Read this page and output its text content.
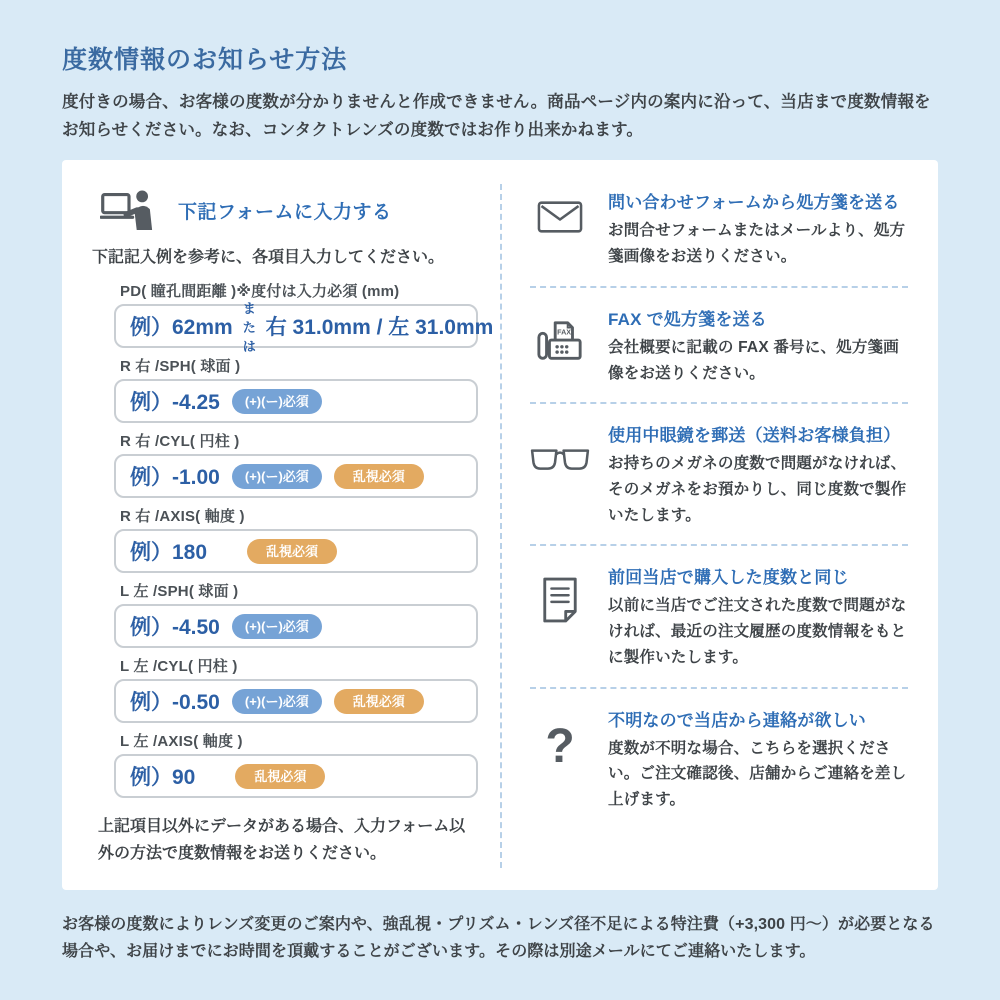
度数情報のお知らせ方法

度付きの場合、お客様の度数が分かりませんと作成できません。商品ページ内の案内に沿って、当店まで度数情報をお知らせください。なお、コンタクトレンズの度数ではお作り出来かねます。

下記フォームに入力する

下記記入例を参考に、各項目入力してください。

PD( 瞳孔間距離 )※度付は入力必須 (mm)
例）62mm
または
右 31.0mm / 左 31.0mm
R 右 /SPH( 球面 )
例）-4.25	(+)(ー)必須
R 右 /CYL( 円柱 )
例）-1.00	(+)(ー)必須	乱視必須
R 右 /AXIS( 軸度 )
例）180	乱視必須
L 左 /SPH( 球面 )
例）-4.50	(+)(ー)必須
L 左 /CYL( 円柱 )
例）-0.50	(+)(ー)必須	乱視必須
L 左 /AXIS( 軸度 )
例）90	乱視必須

上記項目以外にデータがある場合、入力フォーム以外の方法で度数情報をお送りください。

問い合わせフォームから処方箋を送る
お問合せフォームまたはメールより、処方箋画像をお送りください。
FAX
FAX で処方箋を送る
会社概要に記載の FAX 番号に、処方箋画像をお送りください。
使用中眼鏡を郵送（送料お客様負担）
お持ちのメガネの度数で問題がなければ、そのメガネをお預かりし、同じ度数で製作いたします。
前回当店で購入した度数と同じ
以前に当店でご注文された度数で問題がなければ、最近の注文履歴の度数情報をもとに製作いたします。
? 不明なので当店から連絡が欲しい
度数が不明な場合、こちらを選択ください。ご注文確認後、店舗からご連絡を差し上げます。

お客様の度数によりレンズ変更のご案内や、強乱視・プリズム・レンズ径不足による特注費（+3,300 円～）が必要となる場合や、お届けまでにお時間を頂戴することがございます。その際は別途メールにてご連絡いたします。
